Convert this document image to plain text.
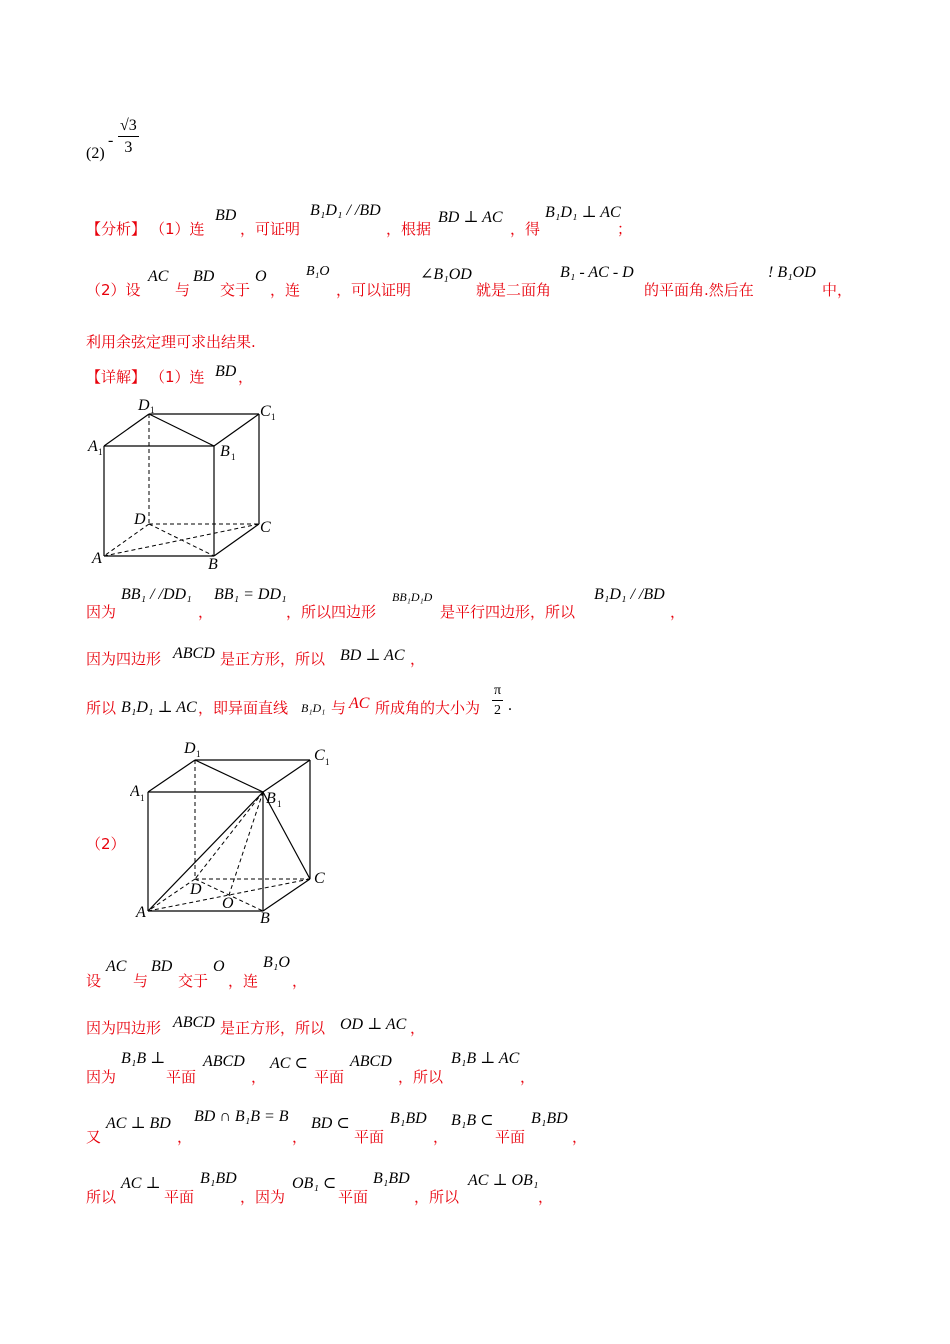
(2)
- $\frac{√3}{3}$
【分析】 （1）连
BD
，可证明
B₁D₁ / /BD
，根据
BD ⊥ AC
，得
B₁D₁ ⊥ AC
；
（2）设
AC
与
BD
交于
O
，连
B₁O
，可以证明
∠B₁OD
就是二面角
B₁ - AC - D
的平面角.然后在
! B₁OD
中，
利用余弦定理可求出结果.
【详解】 （1）连 BD ，
D 1	C 1
A 1	B 1
D	C
A	B
因为
BB₁ / /DD₁
，
BB₁ = DD₁
，所以四边形
BB₁D₁D
是平行四边形，所以
B₁D₁ / /BD
，
因为四边形 ABCD 是正方形，所以 BD ⊥ AC ，
所以 B₁D₁ ⊥ AC ，即异面直线 B₁D₁ 与 AC 所成角的大小为 $\frac{\pi}{2}$ .
（2）
D 1	C 1
A 1	B 1
D
C
O
A	B
设
AC
与
BD
交于
O
，连
B₁O
，
因为四边形 ABCD 是正方形，所以 OD ⊥ AC ，
因为
B₁B ⊥
平面
ABCD
，
AC ⊂
平面
ABCD
，所以
B₁B ⊥ AC
，
又
AC ⊥ BD
，
BD ∩ B₁B = B
，
BD ⊂
平面
B₁BD
，
B₁B ⊂
平面
B₁BD
，
所以
AC ⊥
平面
B₁BD
，因为
OB₁ ⊂
平面
B₁BD
，所以
AC ⊥ OB₁
，
